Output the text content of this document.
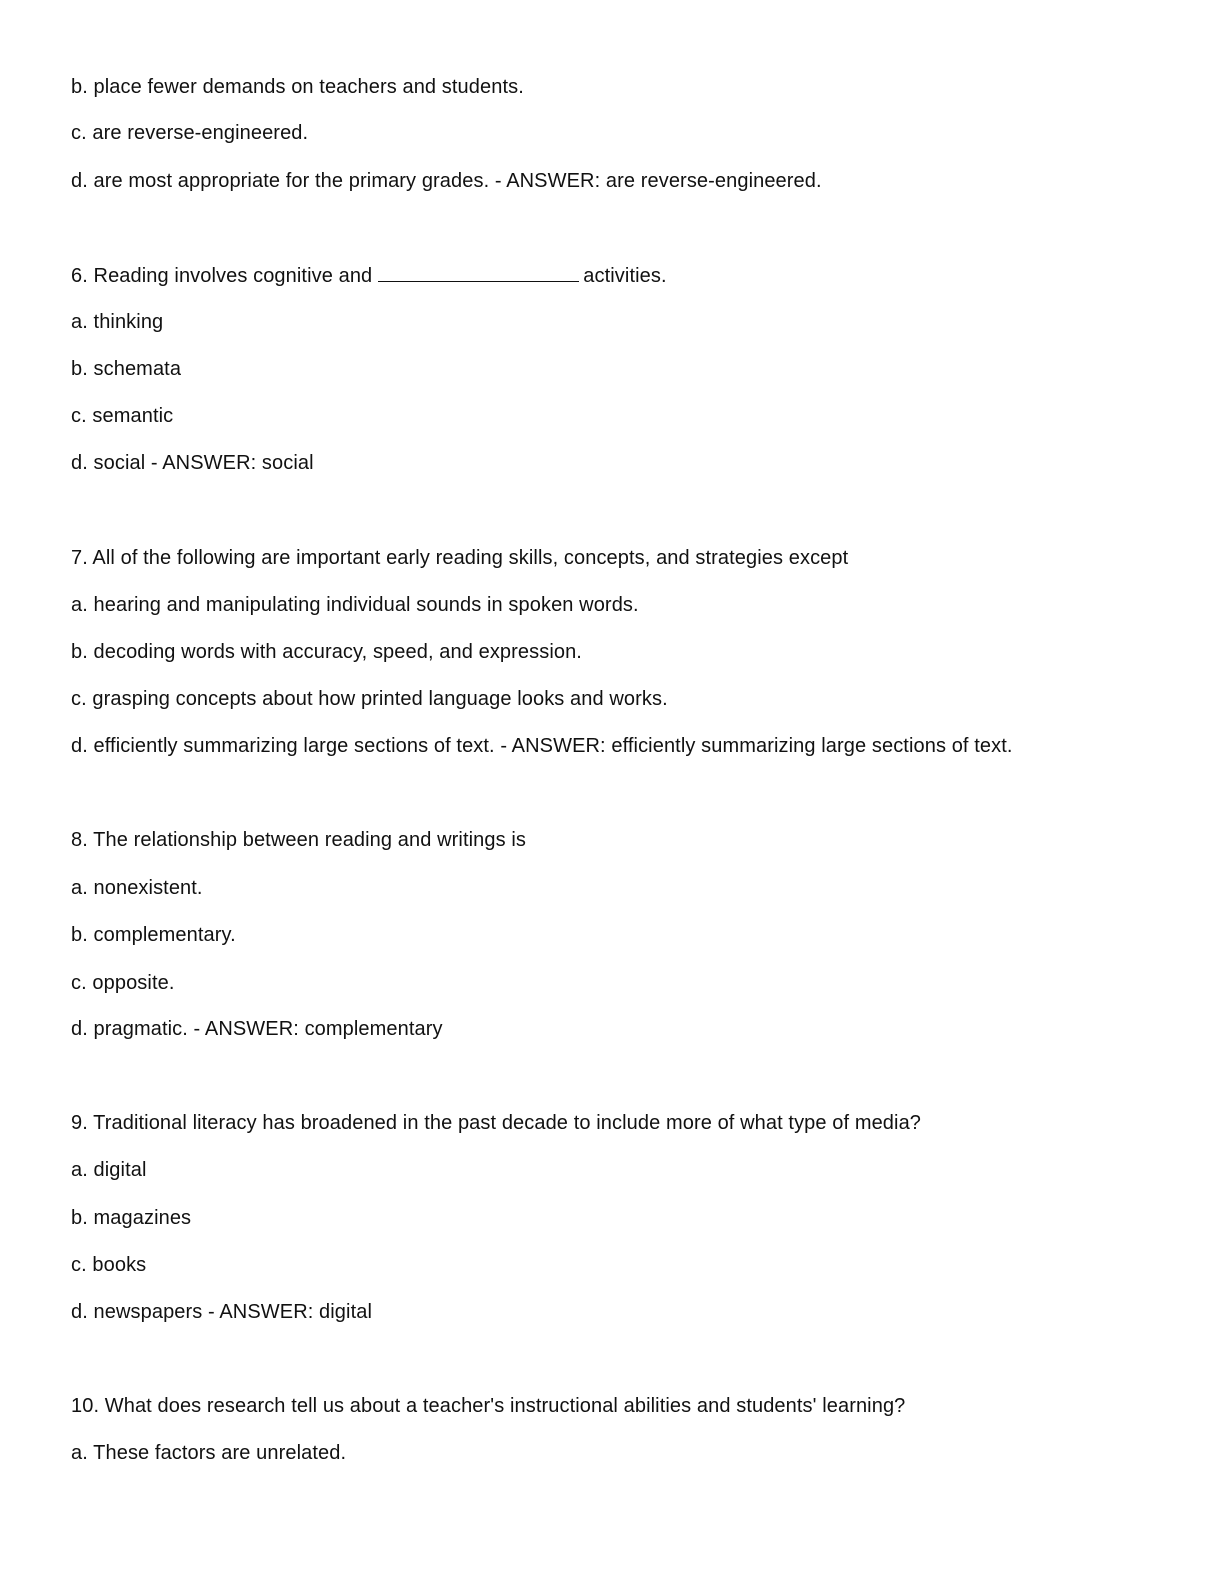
b. place fewer demands on teachers and students.
c. are reverse-engineered.
d. are most appropriate for the primary grades. - ANSWER: are reverse-engineered.
6. Reading involves cognitive and	activities.
a. thinking
b. schemata
c. semantic
d. social - ANSWER: social
7. All of the following are important early reading skills, concepts, and strategies except
a. hearing and manipulating individual sounds in spoken words.
b. decoding words with accuracy, speed, and expression.
c. grasping concepts about how printed language looks and works.
d. efficiently summarizing large sections of text. - ANSWER: efficiently summarizing large sections of text.
8. The relationship between reading and writings is
a. nonexistent.
b. complementary.
c. opposite.
d. pragmatic. - ANSWER: complementary
9. Traditional literacy has broadened in the past decade to include more of what type of media?
a. digital
b. magazines
c. books
d. newspapers - ANSWER: digital
10. What does research tell us about a teacher's instructional abilities and students' learning?
a. These factors are unrelated.
